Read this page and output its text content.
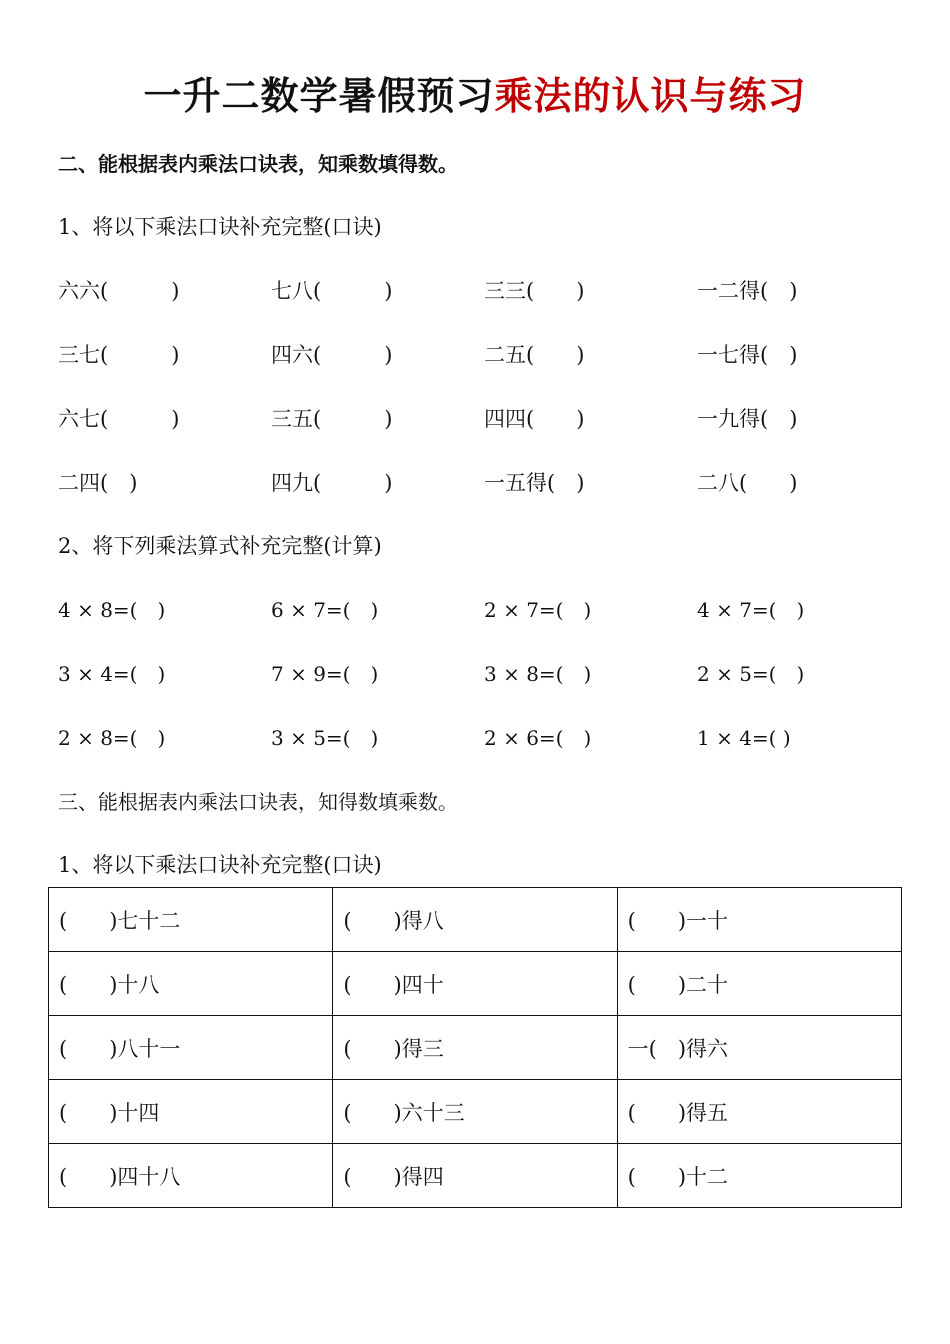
一升二数学暑假预习乘法的认识与练习
二、能根据表内乘法口诀表，知乘数填得数。
1、将以下乘法口诀补充完整(口诀)
六六(　　　)	七八(　　　)	三三(　　)	一二得(　)
三七(　　　)	四六(　　　)	二五(　　)	一七得(　)
六七(　　　)	三五(　　　)	四四(　　)	一九得(　)
二四(　)	四九(　　　)	一五得(　)	二八(　　)
2、将下列乘法算式补充完整(计算)
4 × 8=(　)	6 × 7=(　)	2 × 7=(　)	4 × 7=(　)
3 × 4=(　)	7 × 9=(　)	3 × 8=(　)	2 × 5=(　)
2 × 8=(　)	3 × 5=(　)	2 × 6=(　)	1 × 4=( )
三、能根据表内乘法口诀表，知得数填乘数。
1、将以下乘法口诀补充完整(口诀)
(　　)七十二	(　　)得八	(　　)一十
(　　)十八	(　　)四十	(　　)二十
(　　)八十一	(　　)得三	一(　)得六
(　　)十四	(　　)六十三	(　　)得五
(　　)四十八	(　　)得四	(　　)十二
